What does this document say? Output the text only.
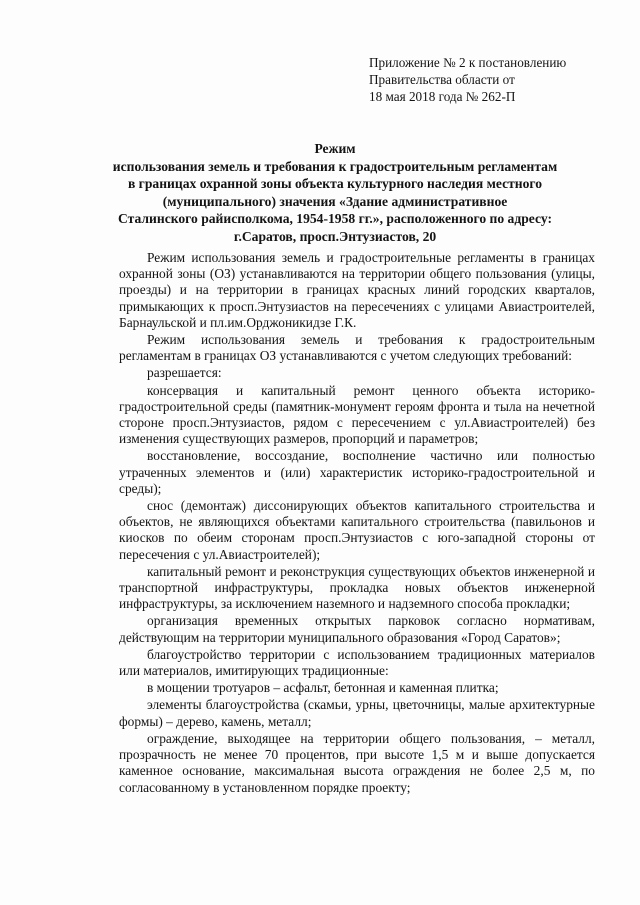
Приложение № 2 к постановлению
Правительства области от
18 мая 2018 года № 262-П
Режим
использования земель и требования к градостроительным регламентам
в границах охранной зоны объекта культурного наследия местного
(муниципального) значения «Здание административное
Сталинского райисполкома, 1954-1958 гг.», расположенного по адресу:
г.Саратов, просп.Энтузиастов, 20

Режим использования земель и градостроительные регламенты в границах охранной зоны (ОЗ) устанавливаются на территории общего пользования (улицы, проезды) и на территории в границах красных линий городских кварталов, примыкающих к просп.Энтузиастов на пересечениях с улицами Авиастроителей, Барнаульской и пл.им.Орджоникидзе Г.К.

Режим использования земель и требования к градостроительным регламентам в границах ОЗ устанавливаются с учетом следующих требований:

разрешается:

консервация и капитальный ремонт ценного объекта историко-градостроительной среды (памятник-монумент героям фронта и тыла на нечетной стороне просп.Энтузиастов, рядом с пересечением с ул.Авиастроителей) без изменения существующих размеров, пропорций и параметров;

восстановление, воссоздание, восполнение частично или полностью утраченных элементов и (или) характеристик историко-градостроительной и среды);

снос (демонтаж) диссонирующих объектов капитального строительства и объектов, не являющихся объектами капитального строительства (павильонов и киосков по обеим сторонам просп.Энтузиастов с юго-западной стороны от пересечения с ул.Авиастроителей);

капитальный ремонт и реконструкция существующих объектов инженерной и транспортной инфраструктуры, прокладка новых объектов инженерной инфраструктуры, за исключением наземного и надземного способа прокладки;

организация временных открытых парковок согласно нормативам, действующим на территории муниципального образования «Город Саратов»;

благоустройство территории с использованием традиционных материалов или материалов, имитирующих традиционные:

в мощении тротуаров – асфальт, бетонная и каменная плитка;

элементы благоустройства (скамьи, урны, цветочницы, малые архитектурные формы) – дерево, камень, металл;

ограждение, выходящее на территории общего пользования, – металл, прозрачность не менее 70 процентов, при высоте 1,5 м и выше допускается каменное основание, максимальная высота ограждения не более 2,5 м, по согласованному в установленном порядке проекту;
